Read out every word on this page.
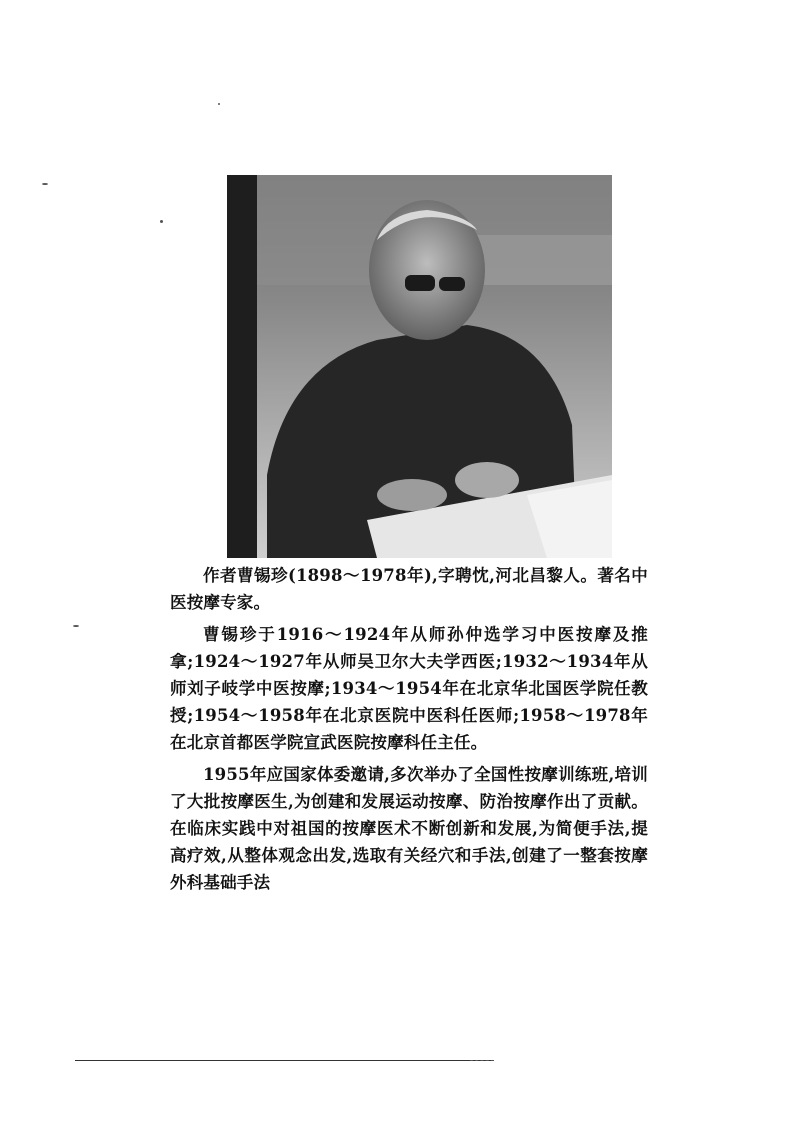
作者曹锡珍(1898～1978年),字聘忱,河北昌黎人。著名中医按摩专家。

曹锡珍于1916～1924年从师孙仲选学习中医按摩及推拿;1924～1927年从师吴卫尔大夫学西医;1932～1934年从师刘子岐学中医按摩;1934～1954年在北京华北国医学院任教授;1954～1958年在北京医院中医科任医师;1958～1978年在北京首都医学院宣武医院按摩科任主任。

1955年应国家体委邀请,多次举办了全国性按摩训练班,培训了大批按摩医生,为创建和发展运动按摩、防治按摩作出了贡献。在临床实践中对祖国的按摩医术不断创新和发展,为简便手法,提高疗效,从整体观念出发,选取有关经穴和手法,创建了一整套按摩外科基础手法
